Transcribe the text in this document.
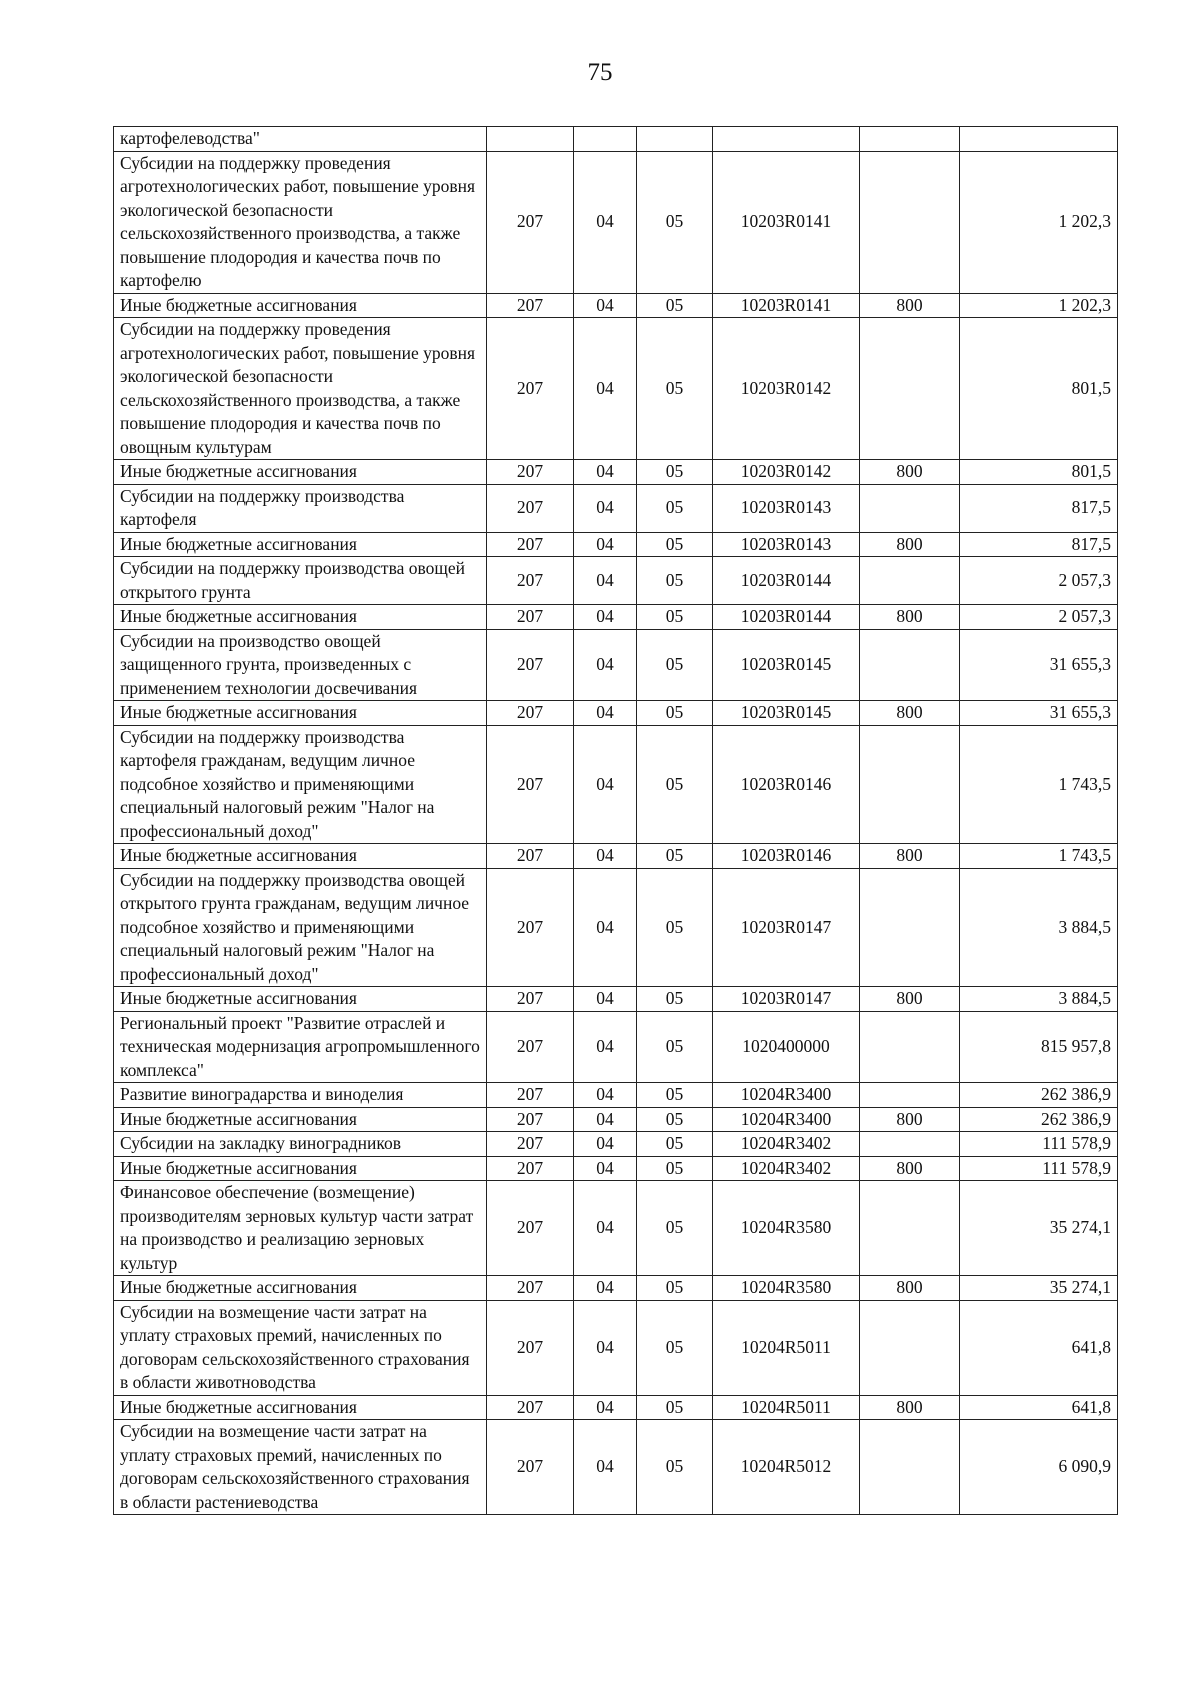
75
картофелеводства"						
Субсидии на поддержку проведения агротехнологических работ, повышение уровня экологической безопасности сельскохозяйственного производства, а также повышение плодородия и качества почв по картофелю	207	04	05	10203R0141		1 202,3
Иные бюджетные ассигнования	207	04	05	10203R0141	800	1 202,3
Субсидии на поддержку проведения агротехнологических работ, повышение уровня экологической безопасности сельскохозяйственного производства, а также повышение плодородия и качества почв по овощным культурам	207	04	05	10203R0142		801,5
Иные бюджетные ассигнования	207	04	05	10203R0142	800	801,5
Субсидии на поддержку производства картофеля	207	04	05	10203R0143		817,5
Иные бюджетные ассигнования	207	04	05	10203R0143	800	817,5
Субсидии на поддержку производства овощей открытого грунта	207	04	05	10203R0144		2 057,3
Иные бюджетные ассигнования	207	04	05	10203R0144	800	2 057,3
Субсидии на производство овощей защищенного грунта, произведенных с применением технологии досвечивания	207	04	05	10203R0145		31 655,3
Иные бюджетные ассигнования	207	04	05	10203R0145	800	31 655,3
Субсидии на поддержку производства картофеля гражданам, ведущим личное подсобное хозяйство и применяющими специальный налоговый режим "Налог на профессиональный доход"	207	04	05	10203R0146		1 743,5
Иные бюджетные ассигнования	207	04	05	10203R0146	800	1 743,5
Субсидии на поддержку производства овощей открытого грунта гражданам, ведущим личное подсобное хозяйство и применяющими специальный налоговый режим "Налог на профессиональный доход"	207	04	05	10203R0147		3 884,5
Иные бюджетные ассигнования	207	04	05	10203R0147	800	3 884,5
Региональный проект "Развитие отраслей и техническая модернизация агропромышленного комплекса"	207	04	05	1020400000		815 957,8
Развитие виноградарства и виноделия	207	04	05	10204R3400		262 386,9
Иные бюджетные ассигнования	207	04	05	10204R3400	800	262 386,9
Субсидии на закладку виноградников	207	04	05	10204R3402		111 578,9
Иные бюджетные ассигнования	207	04	05	10204R3402	800	111 578,9
Финансовое обеспечение (возмещение) производителям зерновых культур части затрат на производство и реализацию зерновых культур	207	04	05	10204R3580		35 274,1
Иные бюджетные ассигнования	207	04	05	10204R3580	800	35 274,1
Субсидии на возмещение части затрат на уплату страховых премий, начисленных по договорам сельскохозяйственного страхования в области животноводства	207	04	05	10204R5011		641,8
Иные бюджетные ассигнования	207	04	05	10204R5011	800	641,8
Субсидии на возмещение части затрат на уплату страховых премий, начисленных по договорам сельскохозяйственного страхования в области растениеводства	207	04	05	10204R5012		6 090,9
